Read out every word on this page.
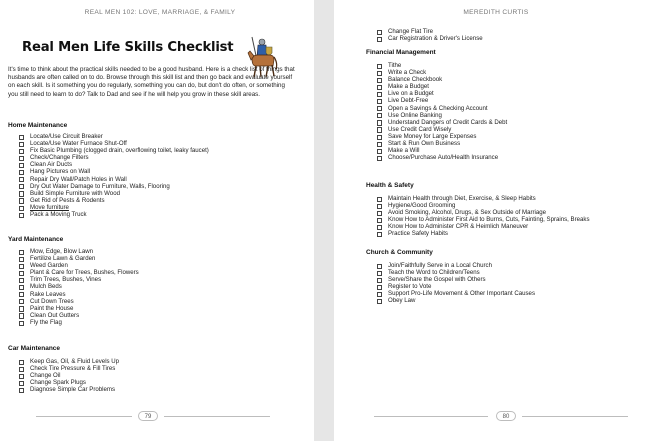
REAL MEN 102: LOVE, MARRIAGE, & FAMILY
Real Men Life Skills Checklist
It's time to think about the practical skills needed to be a good husband. Here is a check list of things that husbands are often called on to do. Browse through this skill list and then go back and evaluate yourself on each skill. Is it something you do regularly, something you can do, but don't do often, or something you still need to learn to do? Talk to Dad and see if he will help you grow in these skill areas.
Home Maintenance
Locate/Use Circuit Breaker
Locate/Use Water Furnace Shut-Off
Fix Basic Plumbing (clogged drain, overflowing toilet, leaky faucet)
Check/Change Filters
Clean Air Ducts
Hang Pictures on Wall
Repair Dry Wall/Patch Holes in Wall
Dry Out Water Damage to Furniture, Walls, Flooring
Build Simple Furniture with Wood
Get Rid of Pests & Rodents
Move furniture
Pack a Moving Truck
Yard Maintenance
Mow, Edge, Blow Lawn
Fertilize Lawn & Garden
Weed Garden
Plant & Care for Trees, Bushes, Flowers
Trim Trees, Bushes, Vines
Mulch Beds
Rake Leaves
Cut Down Trees
Paint the House
Clean Out Gutters
Fly the Flag
Car Maintenance
Keep Gas, Oil, & Fluid Levels Up
Check Tire Pressure & Fill Tires
Change Oil
Change Spark Plugs
Diagnose Simple Car Problems
79
MEREDITH CURTIS
Change Flat Tire
Car Registration & Driver's License
Financial Management
Tithe
Write a Check
Balance Checkbook
Make a Budget
Live on a Budget
Live Debt-Free
Open a Savings & Checking Account
Use Online Banking
Understand Dangers of Credit Cards & Debt
Use Credit Card Wisely
Save Money for Large Expenses
Start & Run Own Business
Make a Will
Choose/Purchase Auto/Health Insurance
Health & Safety
Maintain Health through Diet, Exercise, & Sleep Habits
Hygiene/Good Grooming
Avoid Smoking, Alcohol, Drugs, & Sex Outside of Marriage
Know How to Administer First Aid to Burns, Cuts, Fainting, Sprains, Breaks
Know How to Administer CPR & Heimlich Maneuver
Practice Safety Habits
Church & Community
Join/Faithfully Serve in a Local Church
Teach the Word to Children/Teens
Serve/Share the Gospel with Others
Register to Vote
Support Pro-Life Movement & Other Important Causes
Obey Law
80
